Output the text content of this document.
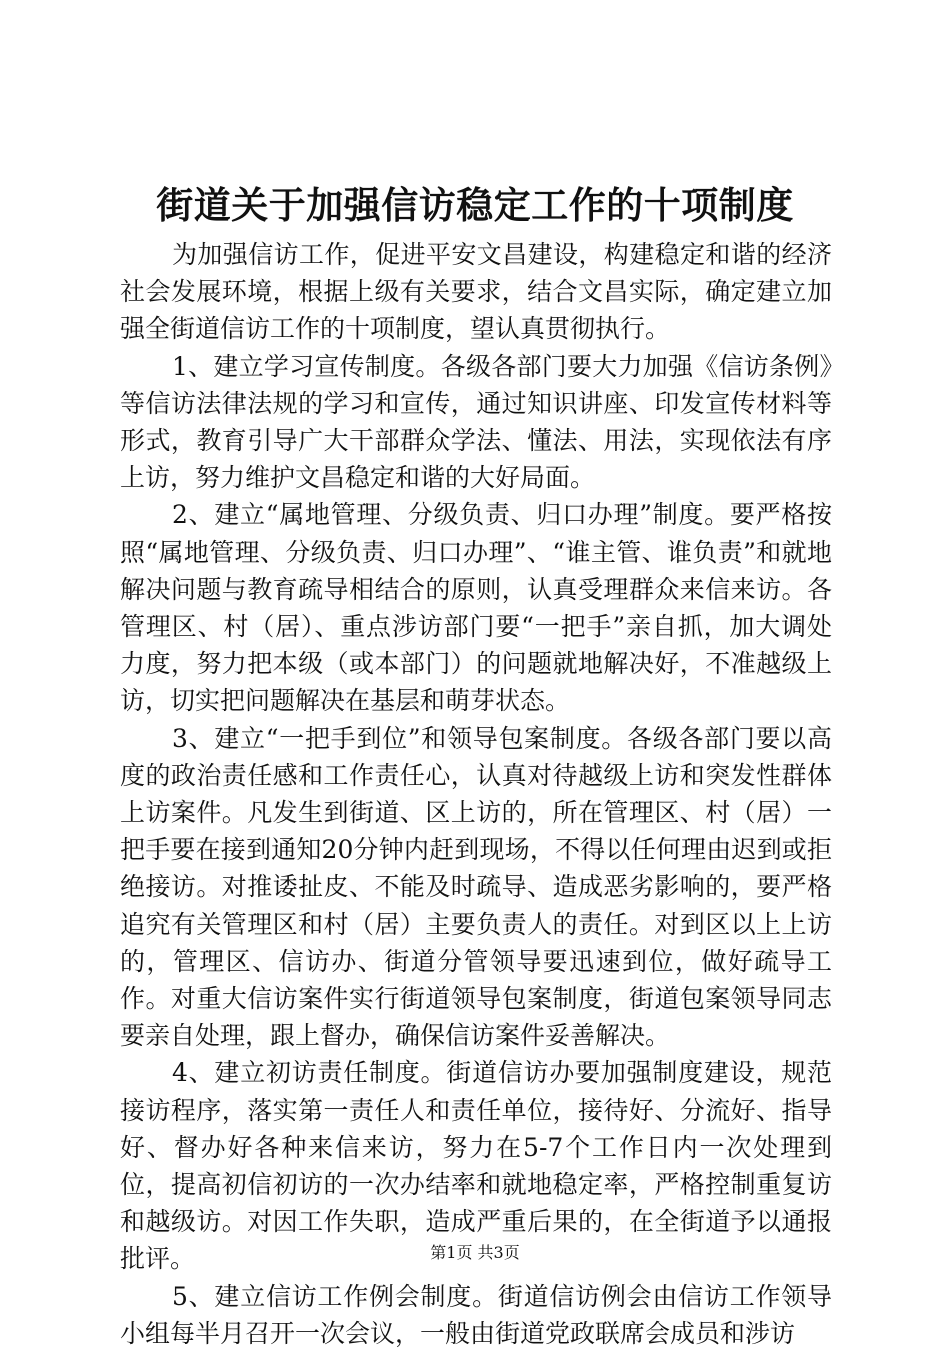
街道关于加强信访稳定工作的十项制度

为加强信访工作，促进平安文昌建设，构建稳定和谐的经济社会发展环境，根据上级有关要求，结合文昌实际，确定建立加强全街道信访工作的十项制度，望认真贯彻执行。

1、建立学习宣传制度。各级各部门要大力加强《信访条例》等信访法律法规的学习和宣传，通过知识讲座、印发宣传材料等形式，教育引导广大干部群众学法、懂法、用法，实现依法有序上访，努力维护文昌稳定和谐的大好局面。

2、建立“属地管理、分级负责、归口办理”制度。要严格按照“属地管理、分级负责、归口办理”、“谁主管、谁负责”和就地解决问题与教育疏导相结合的原则，认真受理群众来信来访。各管理区、村（居）、重点涉访部门要“一把手”亲自抓，加大调处力度，努力把本级（或本部门）的问题就地解决好，不准越级上访，切实把问题解决在基层和萌芽状态。

3、建立“一把手到位”和领导包案制度。各级各部门要以高度的政治责任感和工作责任心，认真对待越级上访和突发性群体上访案件。凡发生到街道、区上访的，所在管理区、村（居）一把手要在接到通知20分钟内赶到现场，不得以任何理由迟到或拒绝接访。对推诿扯皮、不能及时疏导、造成恶劣影响的，要严格追究有关管理区和村（居）主要负责人的责任。对到区以上上访的，管理区、信访办、街道分管领导要迅速到位，做好疏导工作。对重大信访案件实行街道领导包案制度，街道包案领导同志要亲自处理，跟上督办，确保信访案件妥善解决。

4、建立初访责任制度。街道信访办要加强制度建设，规范接访程序，落实第一责任人和责任单位，接待好、分流好、指导好、督办好各种来信来访，努力在5-7个工作日内一次处理到位，提高初信初访的一次办结率和就地稳定率，严格控制重复访和越级访。对因工作失职，造成严重后果的，在全街道予以通报批评。

5、建立信访工作例会制度。街道信访例会由信访工作领导小组每半月召开一次会议，一般由街道党政联席会成员和涉访

第1页 共3页
